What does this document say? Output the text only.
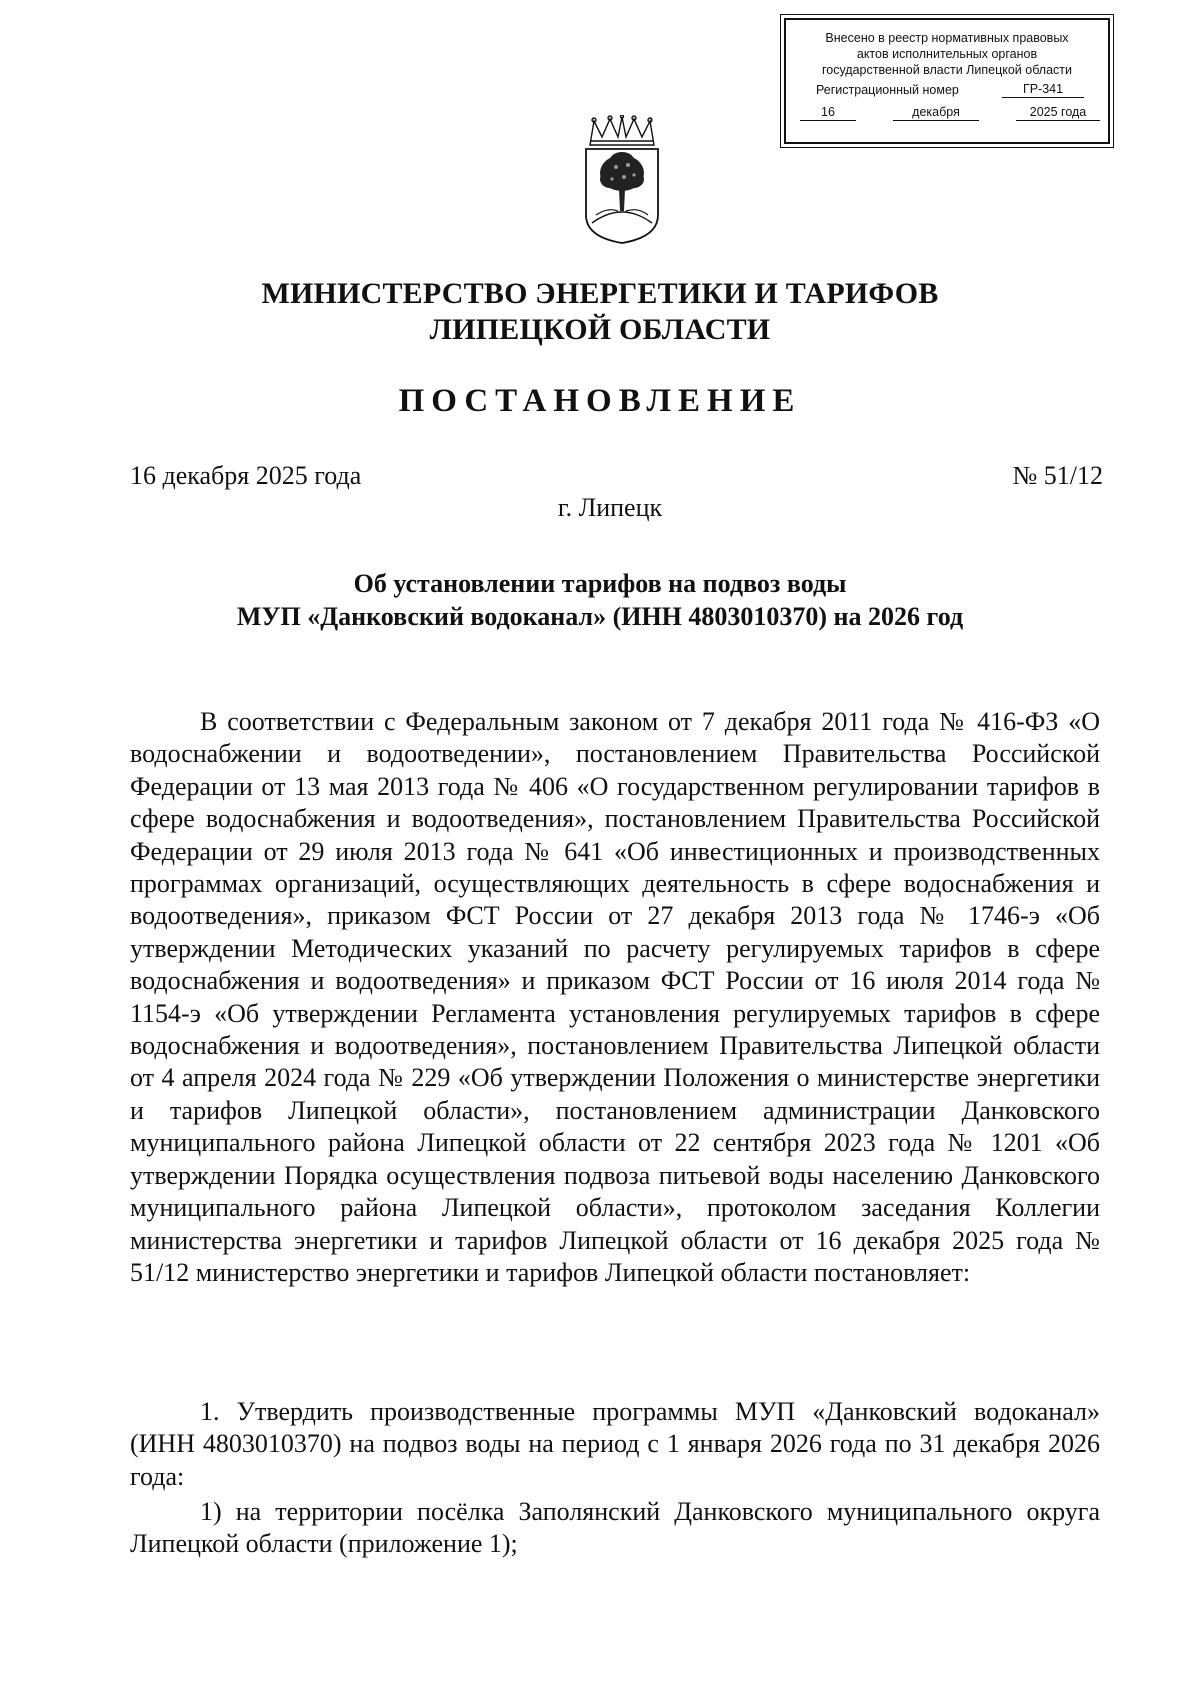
Внесено в реестр нормативных правовых
актов исполнительных органов
государственной власти Липецкой области
Регистрационный номер	ГР-341
16	декабря	2025 года
МИНИСТЕРСТВО ЭНЕРГЕТИКИ И ТАРИФОВ
ЛИПЕЦКОЙ ОБЛАСТИ
ПОСТАНОВЛЕНИЕ
16 декабря 2025 года	№ 51/12
г. Липецк
Об установлении тарифов на подвоз воды
МУП «Данковский водоканал» (ИНН 4803010370) на 2026 год

В соответствии с Федеральным законом от 7 декабря 2011 года № 416-ФЗ «О водоснабжении и водоотведении», постановлением Правительства Российской Федерации от 13 мая 2013 года № 406 «О государственном регулировании тарифов в сфере водоснабжения и водоотведения», постановлением Правительства Российской Федерации от 29 июля 2013 года № 641 «Об инвестиционных и производственных программах организаций, осуществляющих деятельность в сфере водоснабжения и водоотведения», приказом ФСТ России от 27 декабря 2013 года № 1746-э «Об утверждении Методических указаний по расчету регулируемых тарифов в сфере водоснабжения и водоотведения» и приказом ФСТ России от 16 июля 2014 года № 1154-э «Об утверждении Регламента установления регулируемых тарифов в сфере водоснабжения и водоотведения», постановлением Правительства Липецкой области от 4 апреля 2024 года № 229 «Об утверждении Положения о министерстве энергетики и тарифов Липецкой области», постановлением администрации Данковского муниципального района Липецкой области от 22 сентября 2023 года № 1201 «Об утверждении Порядка осуществления подвоза питьевой воды населению Данковского муниципального района Липецкой области», протоколом заседания Коллегии министерства энергетики и тарифов Липецкой области от 16 декабря 2025 года № 51/12 министерство энергетики и тарифов Липецкой области постановляет:

1. Утвердить производственные программы МУП «Данковский водоканал» (ИНН 4803010370) на подвоз воды на период с 1 января 2026 года по 31 декабря 2026 года:

1) на территории посёлка Заполянский Данковского муниципального округа Липецкой области (приложение 1);
